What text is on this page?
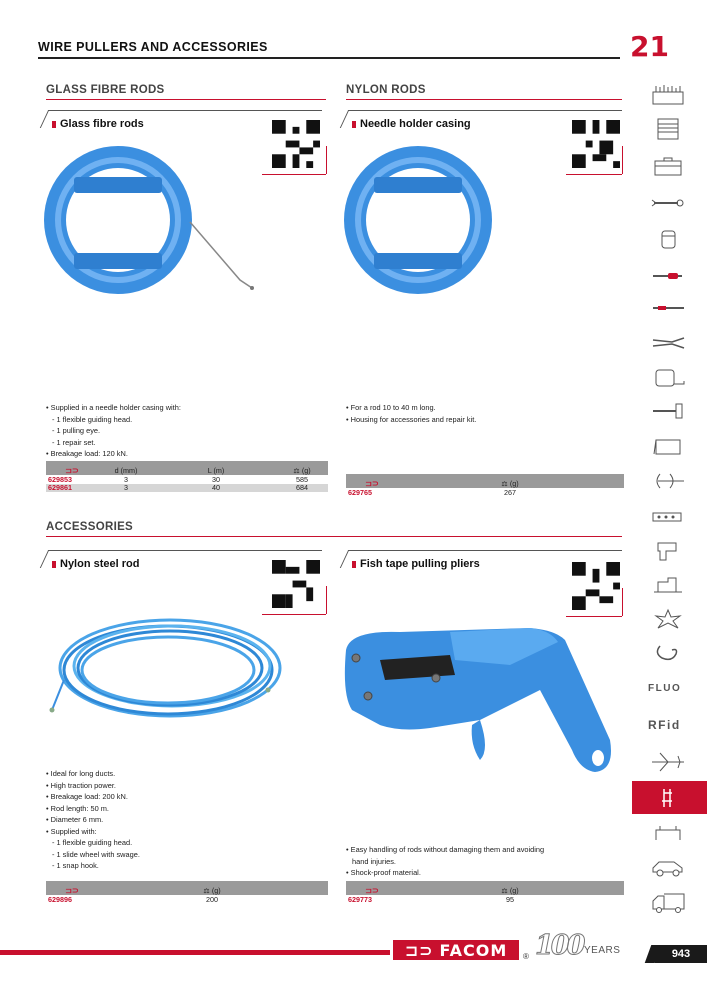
WIRE PULLERS AND ACCESSORIES	21
GLASS FIBRE RODS	NYLON RODS
ACCESSORIES
Glass fibre rods
• Supplied in a needle holder casing with:
- 1 flexible guiding head.
- 1 pulling eye.
- 1 repair set.
• Breakage load: 120 kN.
⊐⊃	d (mm)	L (m)	⚖ (g)
629853	3	30	585
629861	3	40	684
Needle holder casing
• For a rod 10 to 40 m long.
• Housing for accessories and repair kit.
⊐⊃	⚖ (g)
629765	267
Nylon steel rod
• Ideal for long ducts.
• High traction power.
• Breakage load: 200 kN.
• Rod length: 50 m.
• Diameter 6 mm.
• Supplied with:
- 1 flexible guiding head.
- 1 slide wheel with swage.
- 1 snap hook.
⊐⊃	⚖ (g)
629896	200
Fish tape pulling pliers
• Easy handling of rods without damaging them and avoiding
hand injuries.
• Shock-proof material.
⊐⊃	⚖ (g)
629773	95
FLUO
RFid
⊐⊃ FACOM ® 100 YEARS	943
